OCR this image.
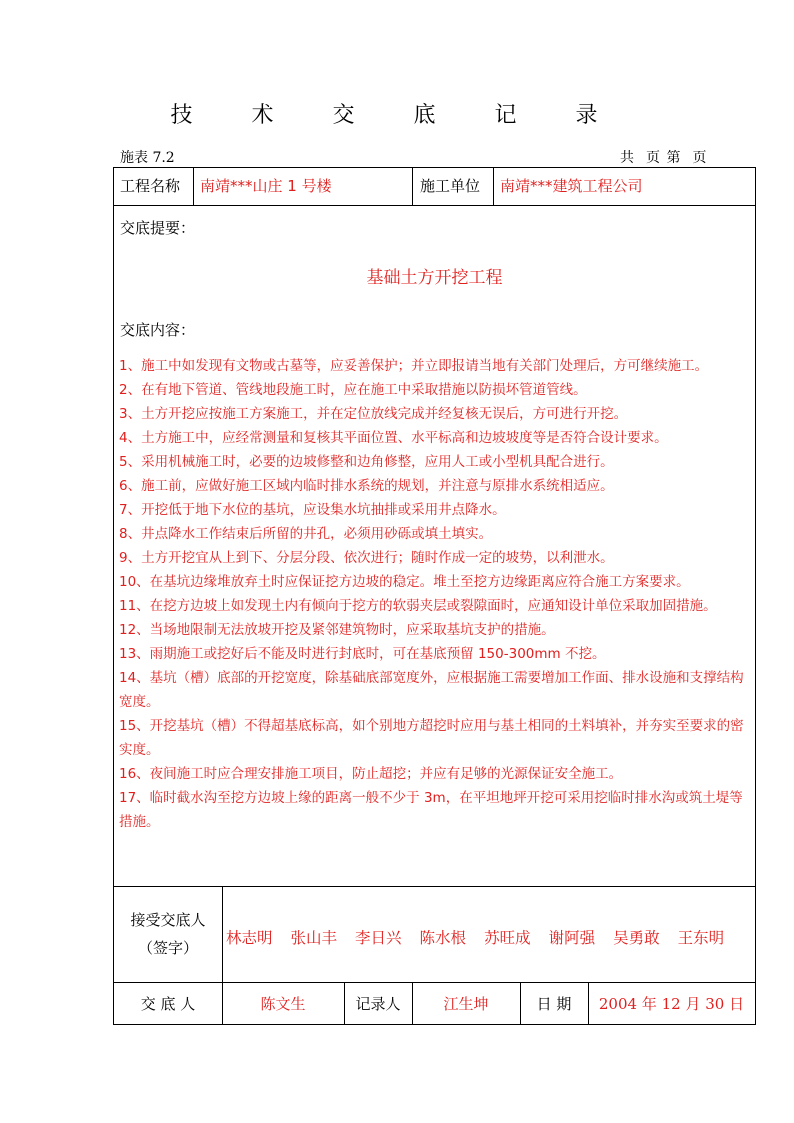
技 术 交 底 记 录
施表 7.2	共 页 第 页
工程名称 南靖***山庄 1 号楼	施工单位 南靖***建筑工程公司
交底提要：
基础土方开挖工程
交底内容：
1、施工中如发现有文物或古墓等，应妥善保护；并立即报请当地有关部门处理后，方可继续施工。
2、在有地下管道、管线地段施工时，应在施工中采取措施以防损坏管道管线。
3、土方开挖应按施工方案施工，并在定位放线完成并经复核无误后，方可进行开挖。
4、土方施工中，应经常测量和复核其平面位置、水平标高和边坡坡度等是否符合设计要求。
5、采用机械施工时，必要的边坡修整和边角修整，应用人工或小型机具配合进行。
6、施工前，应做好施工区域内临时排水系统的规划，并注意与原排水系统相适应。
7、开挖低于地下水位的基坑，应设集水坑抽排或采用井点降水。
8、井点降水工作结束后所留的井孔，必须用砂砾或填土填实。
9、土方开挖宜从上到下、分层分段、依次进行；随时作成一定的坡势，以利泄水。
10、在基坑边缘堆放弃土时应保证挖方边坡的稳定。堆土至挖方边缘距离应符合施工方案要求。
11、在挖方边坡上如发现土内有倾向于挖方的软弱夹层或裂隙面时，应通知设计单位采取加固措施。
12、当场地限制无法放坡开挖及紧邻建筑物时，应采取基坑支护的措施。
13、雨期施工或挖好后不能及时进行封底时，可在基底预留 150-300mm 不挖。
14、基坑（槽）底部的开挖宽度，除基础底部宽度外，应根据施工需要增加工作面、排水设施和支撑结构宽度。
15、开挖基坑（槽）不得超基底标高，如个别地方超挖时应用与基土相同的土料填补，并夯实至要求的密实度。
16、夜间施工时应合理安排施工项目，防止超挖；并应有足够的光源保证安全施工。
17、临时截水沟至挖方边坡上缘的距离一般不少于 3m，在平坦地坪开挖可采用挖临时排水沟或筑土堤等措施。
接受交底人
（签字）
林志明 张山丰 李日兴 陈水根 苏旺成 谢阿强 吴勇敢 王东明
交 底 人	陈文生	记录人	江生坤	日 期	2004 年 12 月 30 日
